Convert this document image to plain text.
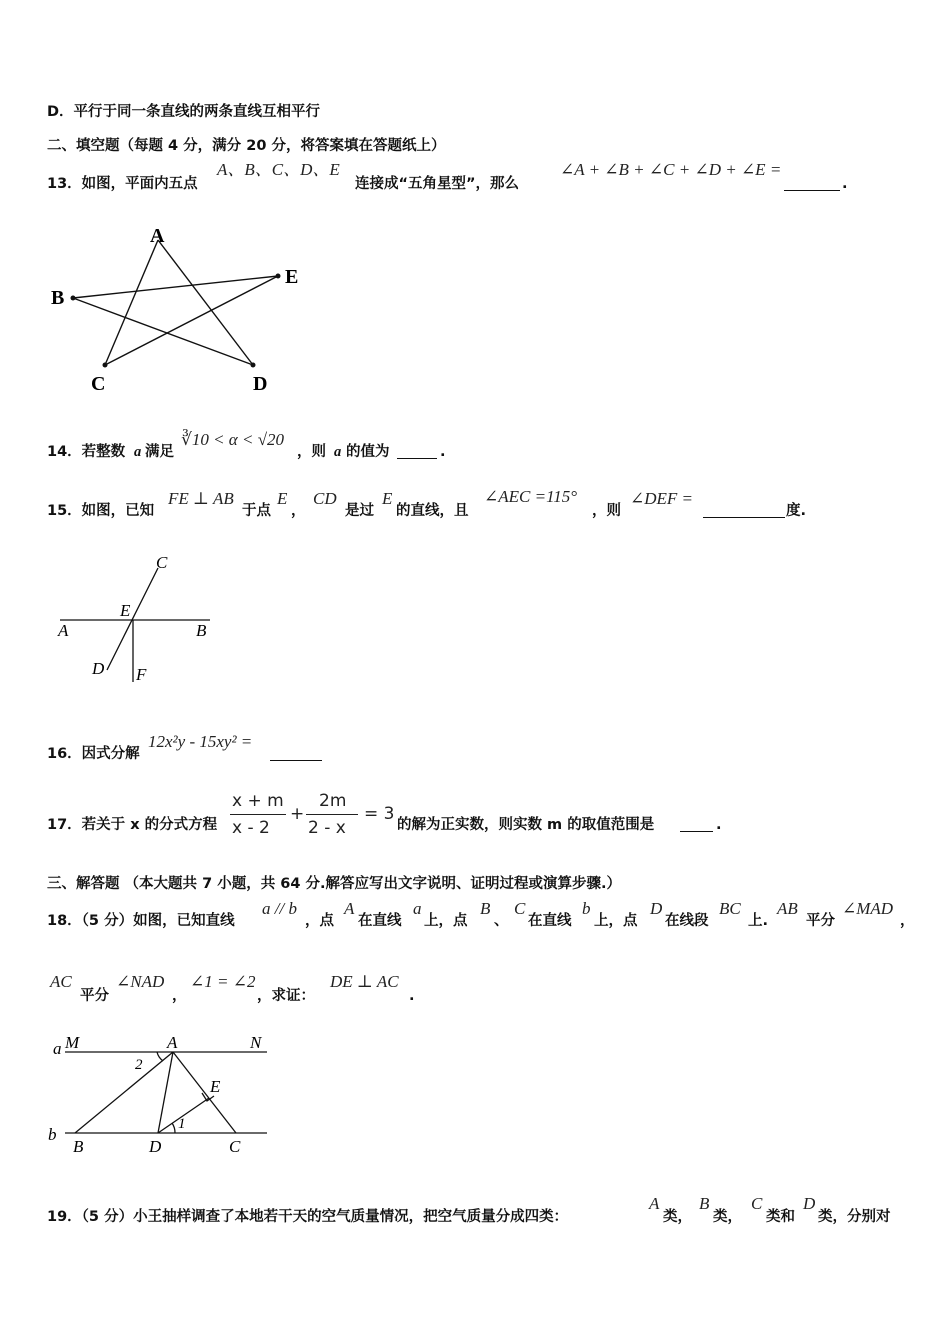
D．平行于同一条直线的两条直线互相平行
二、填空题（每题 4 分，满分 20 分，将答案填在答题纸上）
13．如图，平面内五点
A、B、C、D、E
连接成“五角星型”，那么
∠A + ∠B + ∠C + ∠D + ∠E =
.
A
B
E
C	D
14．若整数 a 满足
∛10 < α < √20
，则 a 的值为	.
15．如图，已知
FE ⊥ AB
于点
E
，
CD
是过
E
的直线，且
∠AEC =115°
，则
∠DEF =
度.
A	B
C
E
D F
16．因式分解
12x²y - 15xy² =
17．若关于 x 的分式方程
x + m
x - 2
+
2m
2 - x
= 3
的解为正实数，则实数 m 的取值范围是	.
三、解答题 （本大题共 7 小题，共 64 分.解答应写出文字说明、证明过程或演算步骤.）
18．（5 分）如图，已知直线
a // b
，点
A
在直线
a
上，点
B
、
C
在直线
b
上，点
D
在线段
BC
上.
AB
平分
∠MAD
，
AC
平分
∠NAD
，
∠1 = ∠2
，求证：
DE ⊥ AC
.
a M	A	N
2
E
1
b
B	D	C
19．（5 分）小王抽样调查了本地若干天的空气质量情况，把空气质量分成四类：
A
类，
B
类，
C
类和
D
类，分别对
